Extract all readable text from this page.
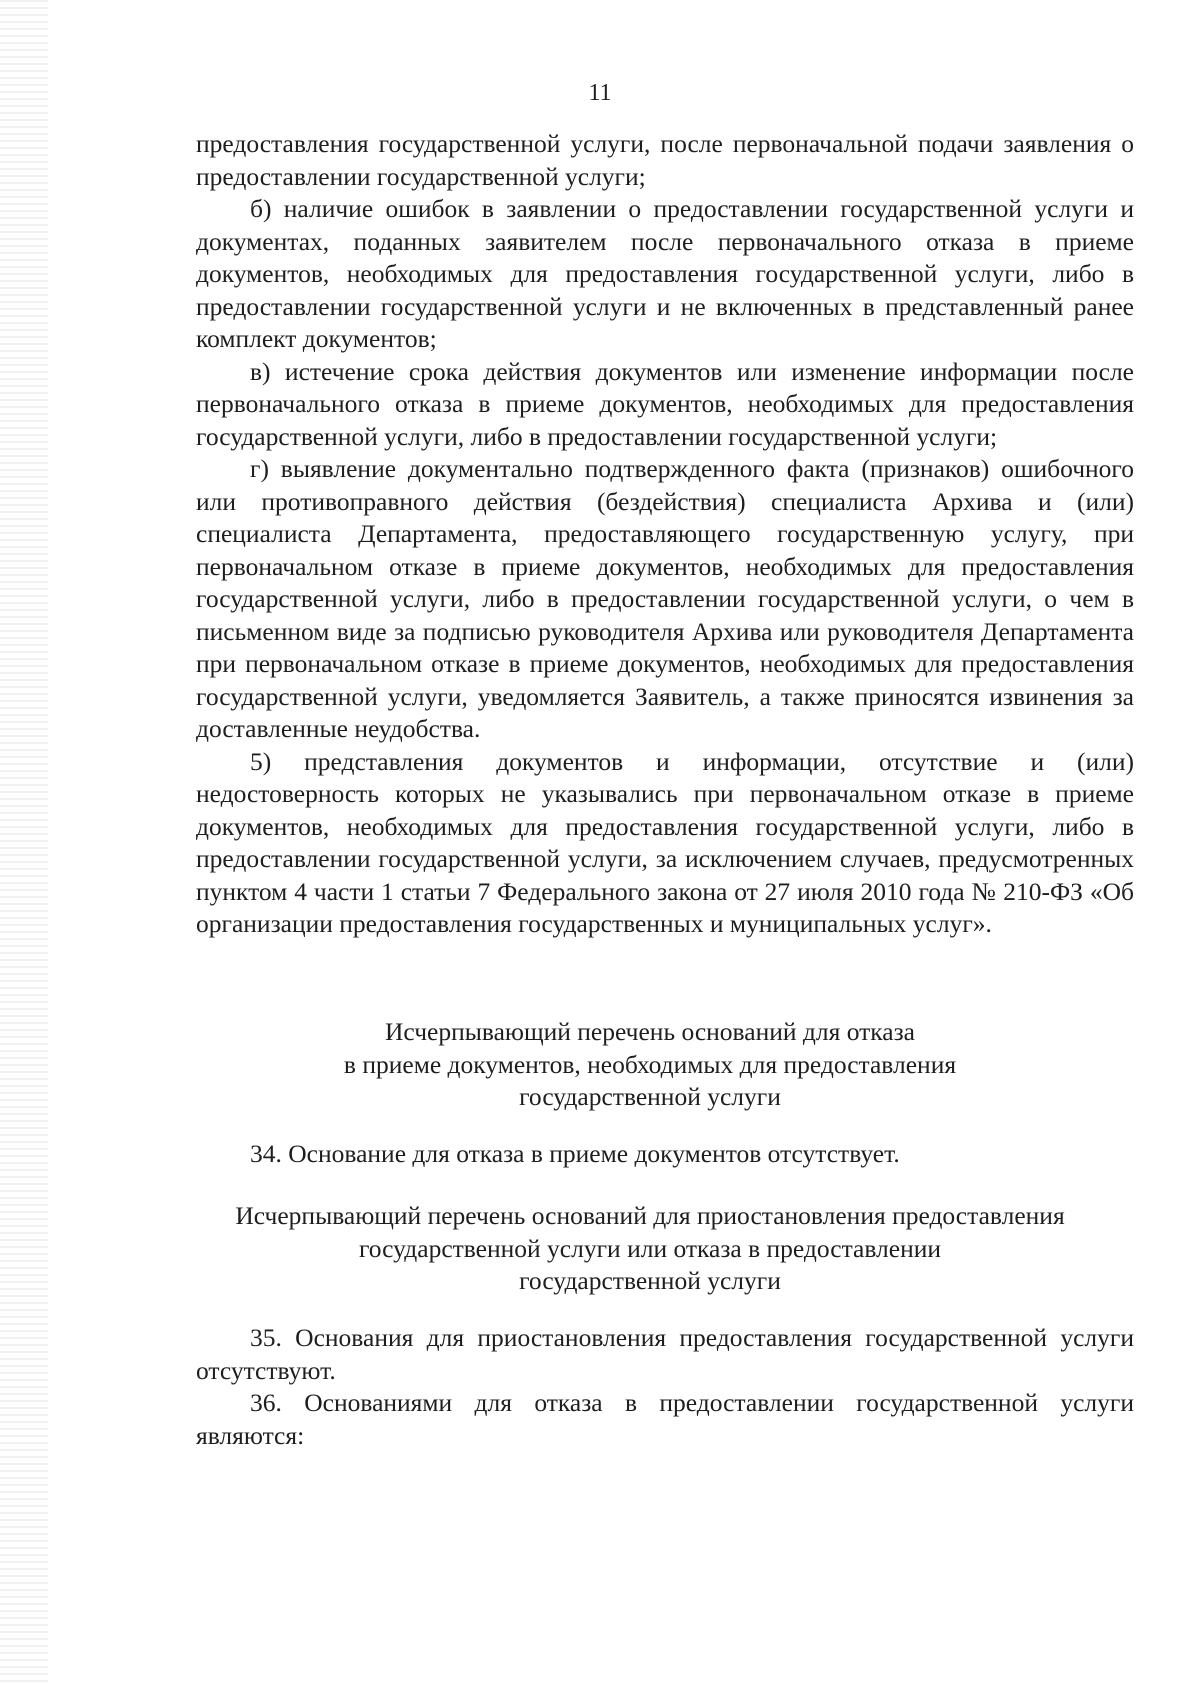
11

предоставления государственной услуги, после первоначальной подачи заявления о предоставлении государственной услуги;

б) наличие ошибок в заявлении о предоставлении государственной услуги и документах, поданных заявителем после первоначального отказа в приеме документов, необходимых для предоставления государственной услуги, либо в предоставлении государственной услуги и не включенных в представленный ранее комплект документов;

в) истечение срока действия документов или изменение информации после первоначального отказа в приеме документов, необходимых для предоставления государственной услуги, либо в предоставлении государственной услуги;

г) выявление документально подтвержденного факта (признаков) ошибочного или противоправного действия (бездействия) специалиста Архива и (или) специалиста Департамента, предоставляющего государственную услугу, при первоначальном отказе в приеме документов, необходимых для предоставления государственной услуги, либо в предоставлении государственной услуги, о чем в письменном виде за подписью руководителя Архива или руководителя Департамента при первоначальном отказе в приеме документов, необходимых для предоставления государственной услуги, уведомляется Заявитель, а также приносятся извинения за доставленные неудобства.

5) представления документов и информации, отсутствие и (или) недостоверность которых не указывались при первоначальном отказе в приеме документов, необходимых для предоставления государственной услуги, либо в предоставлении государственной услуги, за исключением случаев, предусмотренных пунктом 4 части 1 статьи 7 Федерального закона от 27 июля 2010 года № 210-ФЗ «Об организации предоставления государственных и муниципальных услуг».

Исчерпывающий перечень оснований для отказа
в приеме документов, необходимых для предоставления
государственной услуги

34. Основание для отказа в приеме документов отсутствует.

Исчерпывающий перечень оснований для приостановления предоставления
государственной услуги или отказа в предоставлении
государственной услуги

35. Основания для приостановления предоставления государственной услуги отсутствуют.

36. Основаниями для отказа в предоставлении государственной услуги являются:
